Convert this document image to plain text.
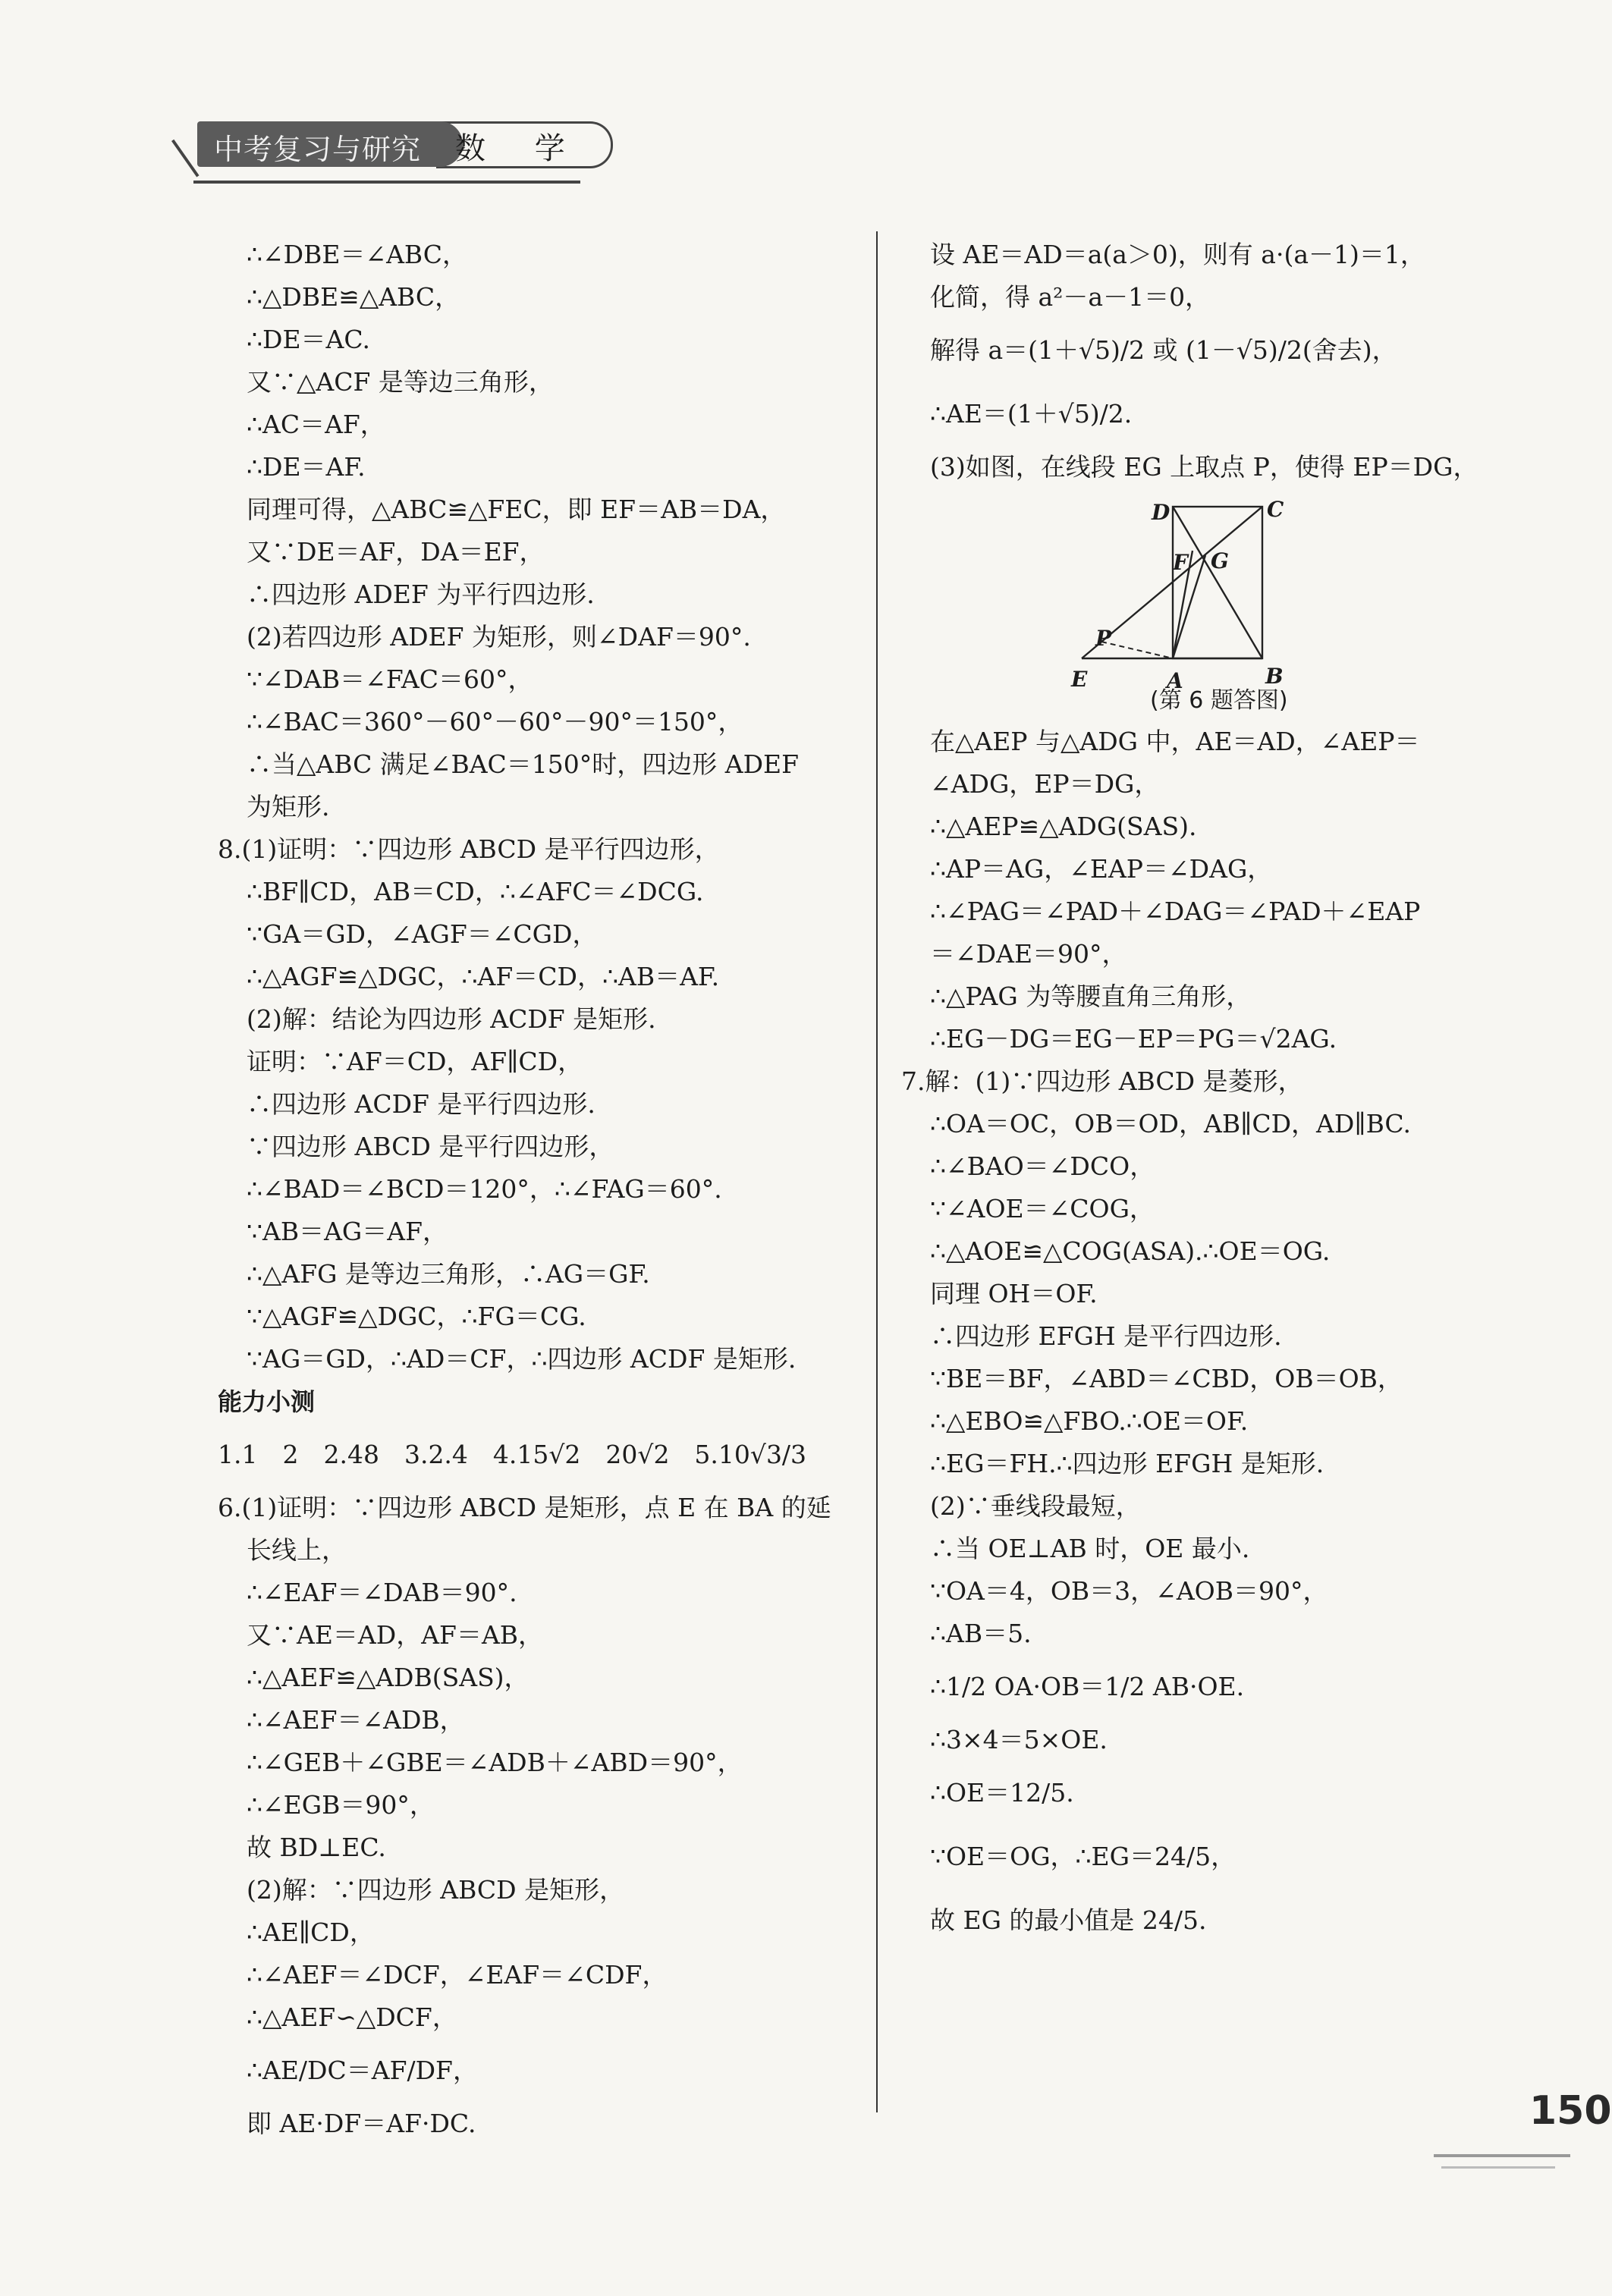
中考复习与研究 数 学
∴∠DBE＝∠ABC，
∴△DBE≌△ABC，
∴DE＝AC.
又∵△ACF 是等边三角形，
∴AC＝AF，
∴DE＝AF.
同理可得，△ABC≌△FEC，即 EF＝AB＝DA，
又∵DE＝AF，DA＝EF，
∴四边形 ADEF 为平行四边形.
(2)若四边形 ADEF 为矩形，则∠DAF＝90°.
∵∠DAB＝∠FAC＝60°，
∴∠BAC＝360°－60°－60°－90°＝150°，
∴当△ABC 满足∠BAC＝150°时，四边形 ADEF
为矩形.
8.(1)证明：∵四边形 ABCD 是平行四边形，
∴BF∥CD，AB＝CD，∴∠AFC＝∠DCG.
∵GA＝GD，∠AGF＝∠CGD，
∴△AGF≌△DGC，∴AF＝CD，∴AB＝AF.
(2)解：结论为四边形 ACDF 是矩形.
证明：∵AF＝CD，AF∥CD，
∴四边形 ACDF 是平行四边形.
∵四边形 ABCD 是平行四边形，
∴∠BAD＝∠BCD＝120°，∴∠FAG＝60°.
∵AB＝AG＝AF，
∴△AFG 是等边三角形，∴AG＝GF.
∵△AGF≌△DGC，∴FG＝CG.
∵AG＝GD，∴AD＝CF，∴四边形 ACDF 是矩形.
能力小测
1.1　2　2.48　3.2.4　4.15√2　20√2　5.10√3/3
6.(1)证明：∵四边形 ABCD 是矩形，点 E 在 BA 的延
长线上，
∴∠EAF＝∠DAB＝90°.
又∵AE＝AD，AF＝AB，
∴△AEF≌△ADB(SAS)，
∴∠AEF＝∠ADB，
∴∠GEB＋∠GBE＝∠ADB＋∠ABD＝90°，
∴∠EGB＝90°，
故 BD⊥EC.
(2)解：∵四边形 ABCD 是矩形，
∴AE∥CD，
∴∠AEF＝∠DCF，∠EAF＝∠CDF，
∴△AEF∽△DCF，
∴AE/DC＝AF/DF，
即 AE·DF＝AF·DC.
设 AE＝AD＝a(a＞0)，则有 a·(a－1)＝1，
化简，得 a²－a－1＝0，
解得 a＝(1＋√5)/2 或 (1－√5)/2(舍去)，
∴AE＝(1＋√5)/2.
(3)如图，在线段 EG 上取点 P，使得 EP＝DG，
D	C
F G
P
E	A	B
(第 6 题答图)
在△AEP 与△ADG 中，AE＝AD，∠AEP＝
∠ADG，EP＝DG，
∴△AEP≌△ADG(SAS).
∴AP＝AG，∠EAP＝∠DAG，
∴∠PAG＝∠PAD＋∠DAG＝∠PAD＋∠EAP
＝∠DAE＝90°，
∴△PAG 为等腰直角三角形，
∴EG－DG＝EG－EP＝PG＝√2AG.
7.解：(1)∵四边形 ABCD 是菱形，
∴OA＝OC，OB＝OD，AB∥CD，AD∥BC.
∴∠BAO＝∠DCO，
∵∠AOE＝∠COG，
∴△AOE≌△COG(ASA).∴OE＝OG.
同理 OH＝OF.
∴四边形 EFGH 是平行四边形.
∵BE＝BF，∠ABD＝∠CBD，OB＝OB，
∴△EBO≌△FBO.∴OE＝OF.
∴EG＝FH.∴四边形 EFGH 是矩形.
(2)∵垂线段最短，
∴当 OE⊥AB 时，OE 最小.
∵OA＝4，OB＝3，∠AOB＝90°，
∴AB＝5.
∴1/2 OA·OB＝1/2 AB·OE.
∴3×4＝5×OE.
∴OE＝12/5.
∵OE＝OG，∴EG＝24/5，
故 EG 的最小值是 24/5.
150
